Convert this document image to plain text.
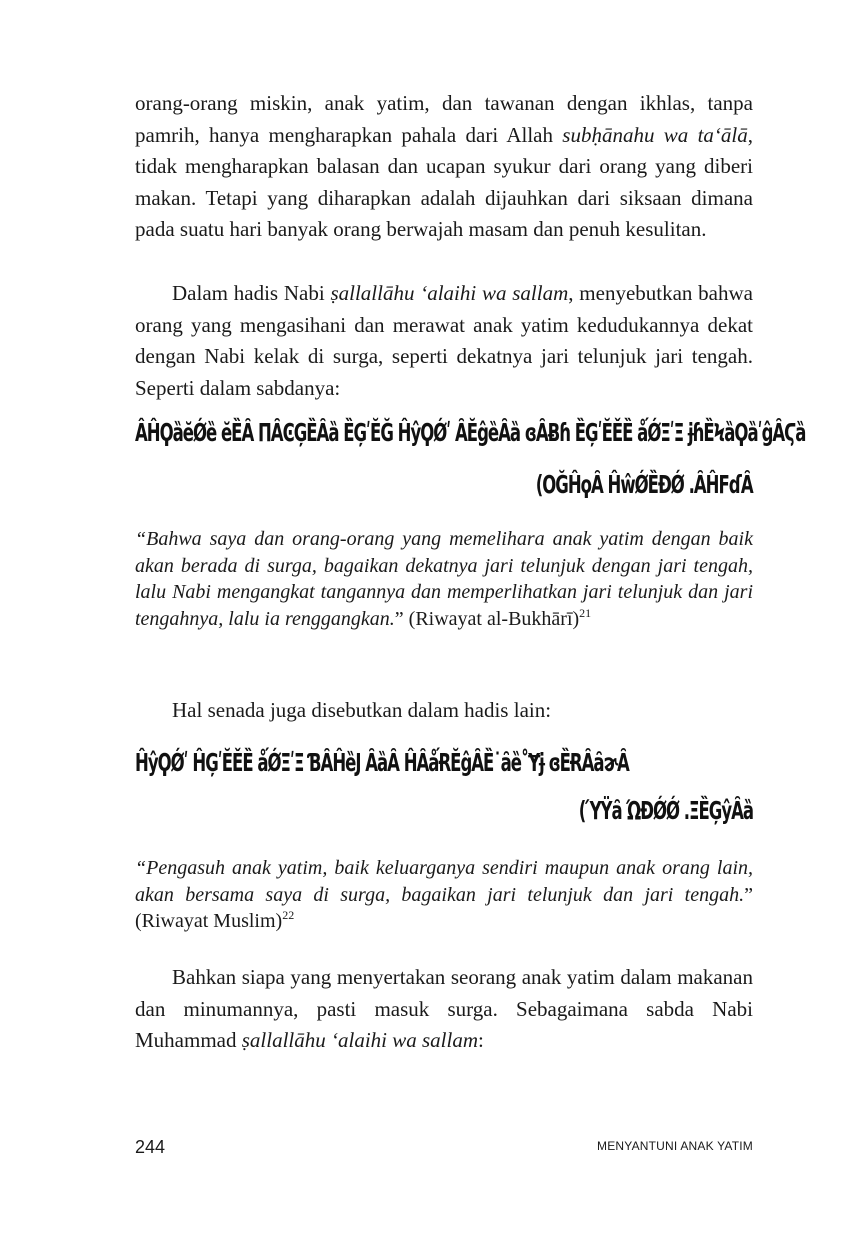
orang-orang miskin, anak yatim, dan tawanan dengan ikhlas, tanpa pamrih, hanya mengharapkan pahala dari Allah subḥānahu wa taʻālā, tidak mengharapkan balasan dan ucapan syukur dari orang yang diberi makan. Tetapi yang diharapkan adalah dijauhkan dari siksaan dimana pada suatu hari banyak orang berwajah masam dan penuh kesulitan.

Dalam hadis Nabi ṣallallāhu ʻalaihi wa sallam, menyebutkan bahwa orang yang mengasihani dan merawat anak yatim kedudukannya dekat dengan Nabi kelak di surga, seperti dekatnya jari telunjuk jari tengah. Seperti dalam sabdanya:

ÂĤϘȁĕǾȅ ĕȄȂ ΠȂϾĢȄȂȁ ȄĢʹĔĞ ĤŷϘǾʹ ȂĔĝȅȂȁ ɞȂɃɦ ȄĢʹĔĚȄ ǻǾΞʹΞ ɉɦȄϞȁϘȁʹĝȂϚȁ
(ΟĞĤϙȂ ĤŵǾȄĐǾ .ȂĤϜɗȂ

“Bahwa saya dan orang-orang yang memelihara anak yatim dengan baik akan berada di surga, bagaikan dekatnya jari telunjuk dengan jari tengah, lalu Nabi mengangkat tangannya dan memperlihatkan jari telunjuk dan jari tengahnya, lalu ia renggangkan.” (Riwayat al-Bukhārī)$^{21}$

Hal senada juga disebutkan dalam hadis lain:

ĤŷϘǾʹ ĤĢʹĔĚȄ ǻǾΞʹΞ ƁȂĤȅJ ȂȁȂ ĤȂǻɌĔĝȂȄ˙ȃȅ˚Ɏɉ ɞȄɌȂȃɚȂ
(ΎŸȃ ΏĐǾǾ .ΞȄĢŷȂȁ

“Pengasuh anak yatim, baik keluarganya sendiri maupun anak orang lain, akan bersama saya di surga, bagaikan jari telunjuk dan jari tengah.” (Riwayat Muslim)$^{22}$

Bahkan siapa yang menyertakan seorang anak yatim dalam makanan dan minumannya, pasti masuk surga. Sebagaimana sabda Nabi Muhammad ṣallallāhu ʻalaihi wa sallam:

244	MENYANTUNI ANAK YATIM
